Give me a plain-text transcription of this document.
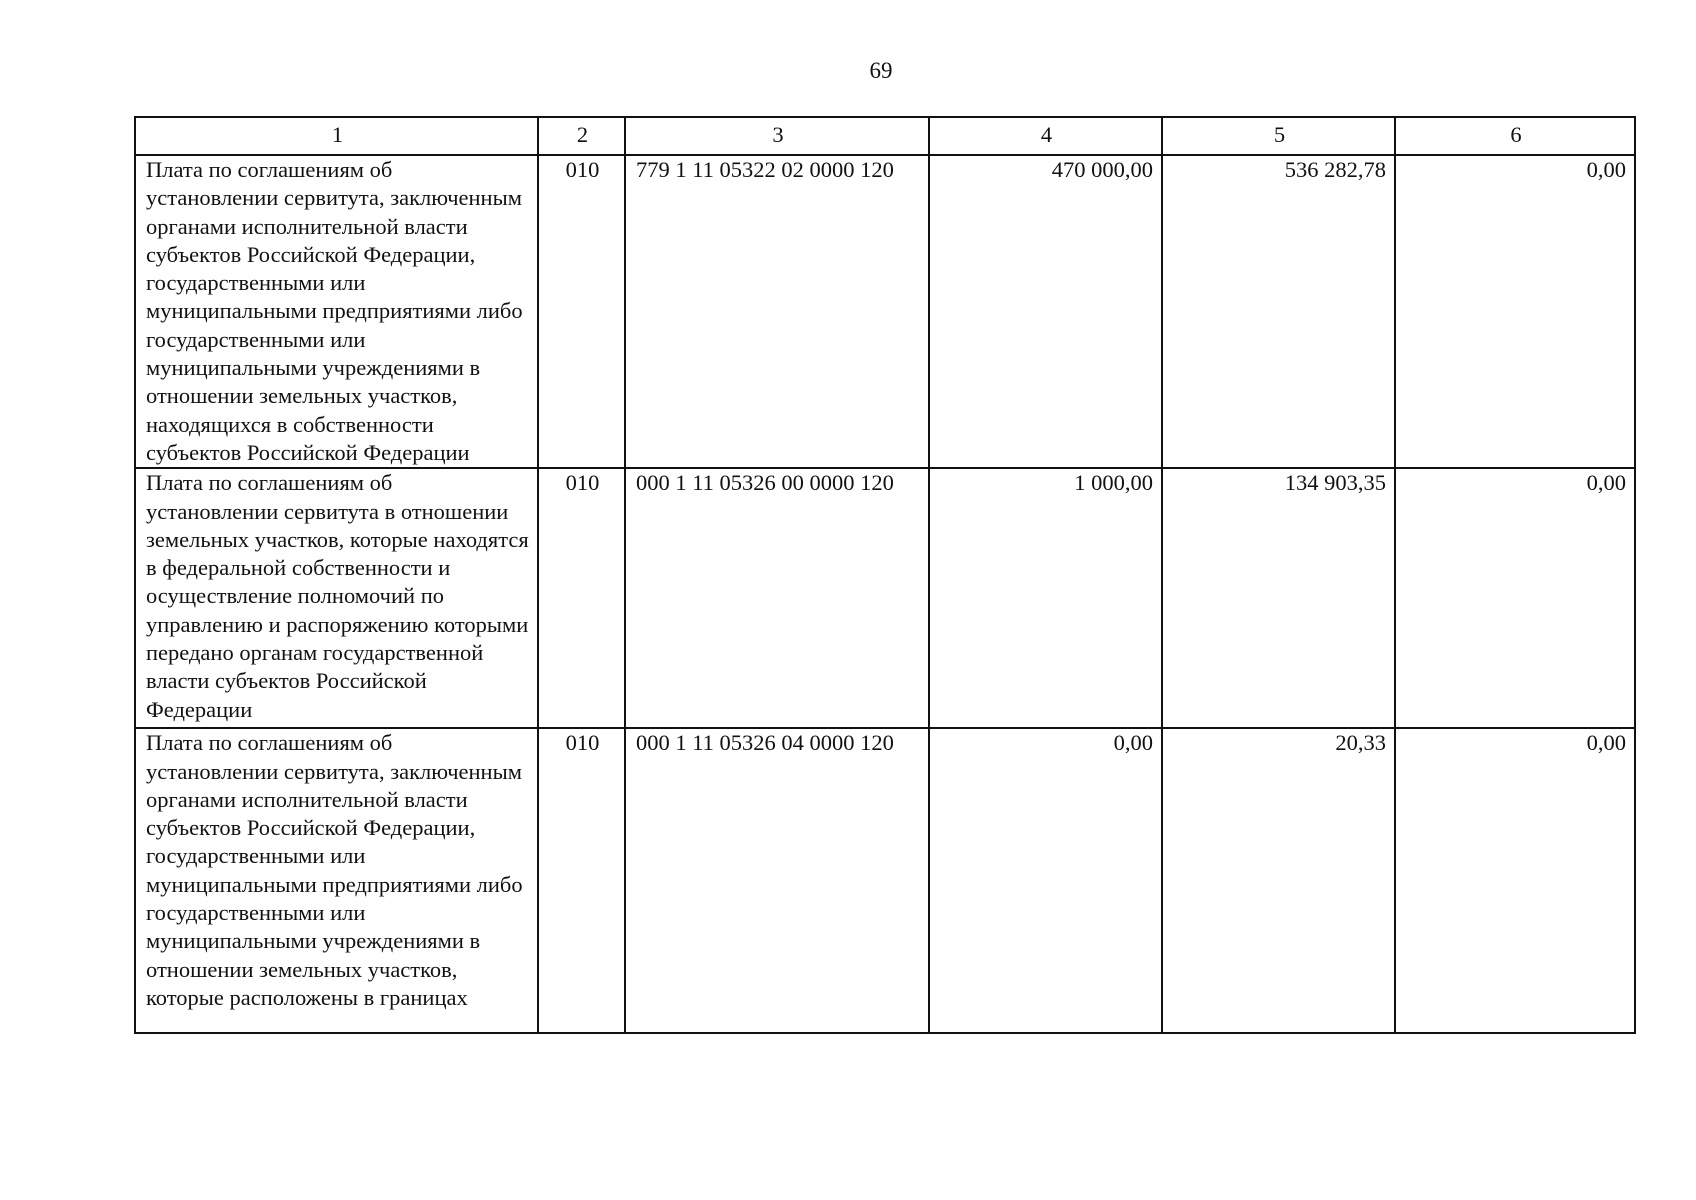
69
1	2	3	4	5	6
Плата по соглашениям об установлении сервитута, заключенным органами исполнительной власти субъектов Российской Федерации, государственными или муниципальными предприятиями либо государственными или муниципальными учреждениями в отношении земельных участков, находящихся в собственности субъектов Российской Федерации	010	779 1 11 05322 02 0000 120	470 000,00	536 282,78	0,00
Плата по соглашениям об установлении сервитута в отношении земельных участков, которые находятся в федеральной собственности и осуществление полномочий по управлению и распоряжению которыми передано органам государственной власти субъектов Российской Федерации	010	000 1 11 05326 00 0000 120	1 000,00	134 903,35	0,00
Плата по соглашениям об установлении сервитута, заключенным органами исполнительной власти субъектов Российской Федерации, государственными или муниципальными предприятиями либо государственными или муниципальными учреждениями в отношении земельных участков, которые расположены в границах	010	000 1 11 05326 04 0000 120	0,00	20,33	0,00
